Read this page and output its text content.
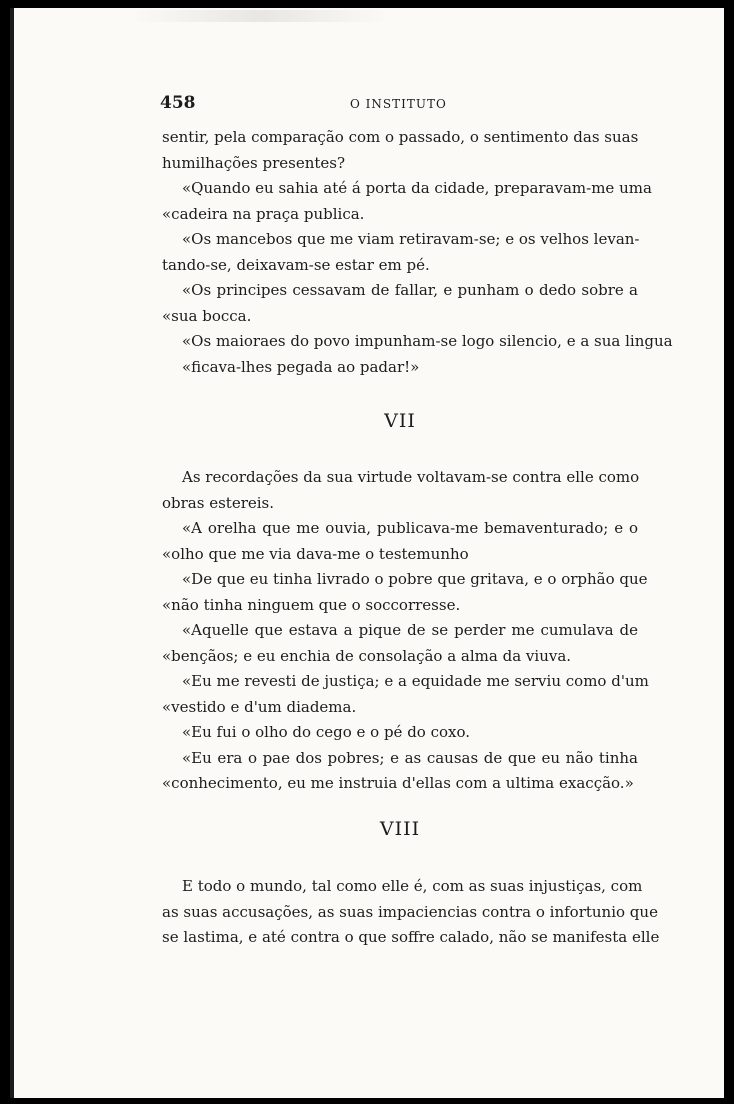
458	O INSTITUTO
sentir, pela comparação com o passado, o sentimento das suas
humilhações presentes?
«Quando eu sahia até á porta da cidade, preparavam-me uma
«cadeira na praça publica.
«Os mancebos que me viam retiravam-se; e os velhos levan-
tando-se, deixavam-se estar em pé.
«Os principes cessavam de fallar, e punham o dedo sobre a
«sua bocca.
«Os maioraes do povo impunham-se logo silencio, e a sua lingua
«ficava-lhes pegada ao padar!»
VII
As recordações da sua virtude voltavam-se contra elle como
obras estereis.
«A orelha que me ouvia, publicava-me bemaventurado; e o
«olho que me via dava-me o testemunho
«De que eu tinha livrado o pobre que gritava, e o orphão que
«não tinha ninguem que o soccorresse.
«Aquelle que estava a pique de se perder me cumulava de
«bençãos; e eu enchia de consolação a alma da viuva.
«Eu me revesti de justiça; e a equidade me serviu como d'um
«vestido e d'um diadema.
«Eu fui o olho do cego e o pé do coxo.
«Eu era o pae dos pobres; e as causas de que eu não tinha
«conhecimento, eu me instruia d'ellas com a ultima exacção.»
VIII
E todo o mundo, tal como elle é, com as suas injustiças, com
as suas accusações, as suas impaciencias contra o infortunio que
se lastima, e até contra o que soffre calado, não se manifesta elle
